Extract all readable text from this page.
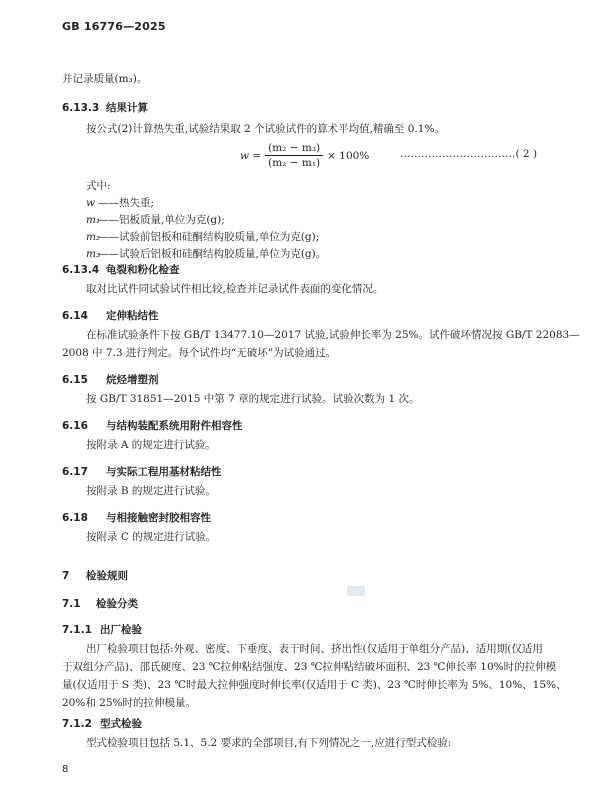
GB 16776—2025
并记录质量(m₃)。
6.13.3 结果计算
按公式(2)计算热失重,试验结果取 2 个试验试件的算术平均值,精确至 0.1%。
$w = \frac{\text{(m₂ − m₃)}}{\text{(m₂ − m₁)}} \times 100\%$	……………………………( 2 )
式中:
w ——热失重;
m₁——铝板质量,单位为克(g);
m₂——试验前铝板和硅酮结构胶质量,单位为克(g);
m₃——试验后铝板和硅酮结构胶质量,单位为克(g)。
6.13.4 龟裂和粉化检查
取对比试件同试验试件相比较,检查并记录试件表面的变化情况。
6.14 定伸粘结性
在标准试验条件下按 GB/T 13477.10—2017 试验,试验伸长率为 25%。试件破坏情况按 GB/T 22083—
2008 中 7.3 进行判定。每个试件均“无破坏”为试验通过。
6.15 烷烃增塑剂
按 GB/T 31851—2015 中第 7 章的规定进行试验。试验次数为 1 次。
6.16 与结构装配系统用附件相容性
按附录 A 的规定进行试验。
6.17 与实际工程用基材粘结性
按附录 B 的规定进行试验。
6.18 与相接触密封胶相容性
按附录 C 的规定进行试验。
7 检验规则
7.1 检验分类
7.1.1 出厂检验
出厂检验项目包括:外观、密度、下垂度、表干时间、挤出性(仅适用于单组分产品)、适用期(仅适用
于双组分产品)、邵氏硬度、23 ℃拉伸粘结强度、23 ℃拉伸粘结破坏面积、23 ℃伸长率 10%时的拉伸模
量(仅适用于 S 类)、23 ℃时最大拉伸强度时伸长率(仅适用于 C 类)、23 ℃时伸长率为 5%、10%、15%、
20%和 25%时的拉伸模量。
7.1.2 型式检验
型式检验项目包括 5.1、5.2 要求的全部项目,有下列情况之一,应进行型式检验:
8
